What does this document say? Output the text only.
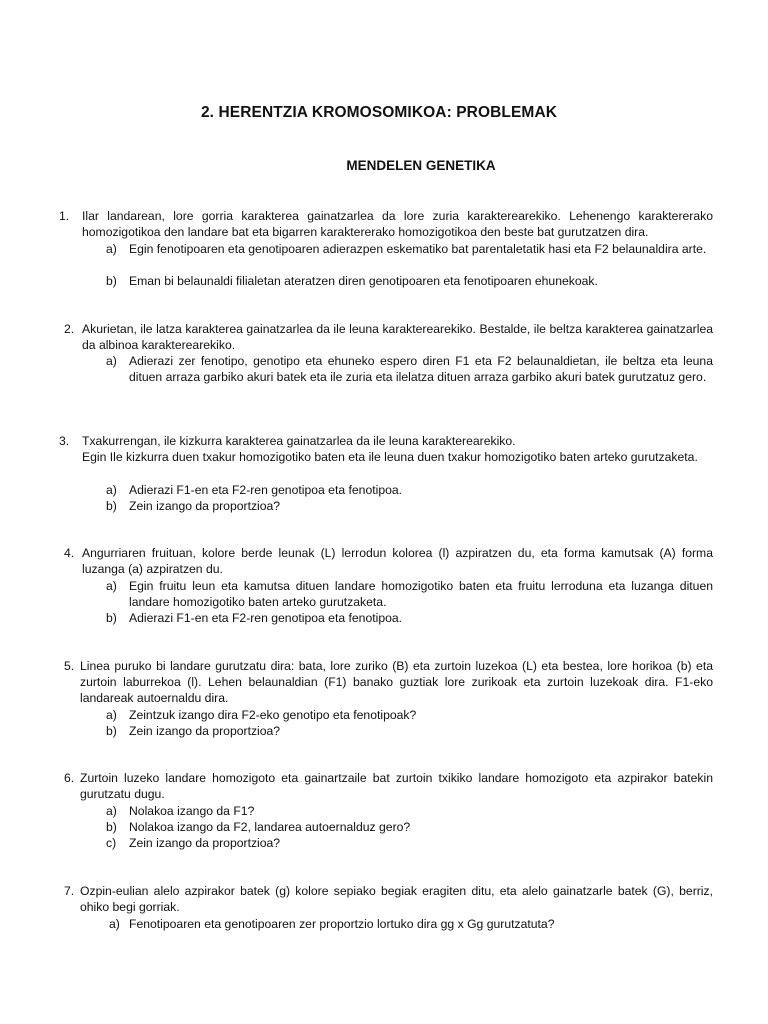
2. HERENTZIA KROMOSOMIKOA: PROBLEMAK
MENDELEN GENETIKA
1. Ilar landarean, lore gorria karakterea gainatzarlea da lore zuria karakterearekiko. Lehenengo karaktererako homozigotikoa den landare bat eta bigarren karaktererako homozigotikoa den beste bat gurutzatzen dira.

a) Egin fenotipoaren eta genotipoaren adierazpen eskematiko bat parentaletatik hasi eta F2 belaunaldira arte.
b) Eman bi belaunaldi filialetan ateratzen diren genotipoaren eta fenotipoaren ehunekoak.
2. Akurietan, ile latza karakterea gainatzarlea da ile leuna karakterearekiko. Bestalde, ile beltza karakterea gainatzarlea da albinoa karakterearekiko.

a) Adierazi zer fenotipo, genotipo eta ehuneko espero diren F1 eta F2 belaunaldietan, ile beltza eta leuna dituen arraza garbiko akuri batek eta ile zuria eta ilelatza dituen arraza garbiko akuri batek gurutzatuz gero.
3. Txakurrengan, ile kizkurra karakterea gainatzarlea da ile leuna karakterearekiko.

Egin Ile kizkurra duen txakur homozigotiko baten eta ile leuna duen txakur homozigotiko baten arteko gurutzaketa.

a) Adierazi F1-en eta F2-ren genotipoa eta fenotipoa.
b) Zein izango da proportzioa?
4. Angurriaren fruituan, kolore berde leunak (L) lerrodun kolorea (l) azpiratzen du, eta forma kamutsak (A) forma luzanga (a) azpiratzen du.

a) Egin fruitu leun eta kamutsa dituen landare homozigotiko baten eta fruitu lerroduna eta luzanga dituen landare homozigotiko baten arteko gurutzaketa.
b) Adierazi F1-en eta F2-ren genotipoa eta fenotipoa.
5. Linea puruko bi landare gurutzatu dira: bata, lore zuriko (B) eta zurtoin luzekoa (L) eta bestea, lore horikoa (b) eta zurtoin laburrekoa (l). Lehen belaunaldian (F1) banako guztiak lore zurikoak eta zurtoin luzekoak dira. F1-eko landareak autoernaldu dira.

a) Zeintzuk izango dira F2-eko genotipo eta fenotipoak?
b) Zein izango da proportzioa?
6. Zurtoin luzeko landare homozigoto eta gainartzaile bat zurtoin txikiko landare homozigoto eta azpirakor batekin gurutzatu dugu.

a) Nolakoa izango da F1?
b) Nolakoa izango da F2, landarea autoernalduz gero?
c) Zein izango da proportzioa?
7. Ozpin-eulian alelo azpirakor batek (g) kolore sepiako begiak eragiten ditu, eta alelo gainatzarle batek (G), berriz, ohiko begi gorriak.

a) Fenotipoaren eta genotipoaren zer proportzio lortuko dira gg x Gg gurutzatuta?
